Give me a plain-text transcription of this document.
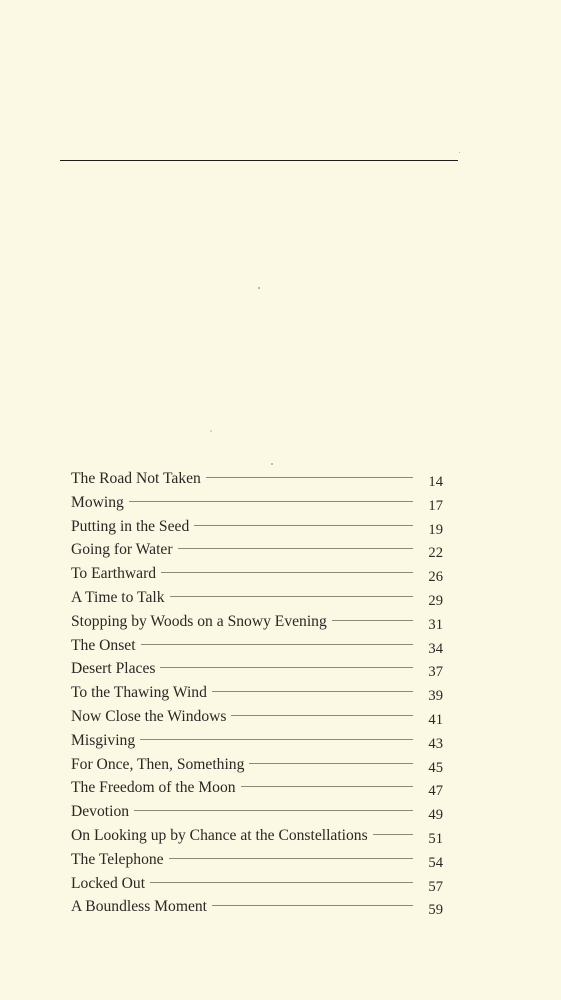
The Road Not Taken	14
Mowing	17
Putting in the Seed	19
Going for Water	22
To Earthward	26
A Time to Talk	29
Stopping by Woods on a Snowy Evening	31
The Onset	34
Desert Places	37
To the Thawing Wind	39
Now Close the Windows	41
Misgiving	43
For Once, Then, Something	45
The Freedom of the Moon	47
Devotion	49
On Looking up by Chance at the Constellations	51
The Telephone	54
Locked Out	57
A Boundless Moment	59
